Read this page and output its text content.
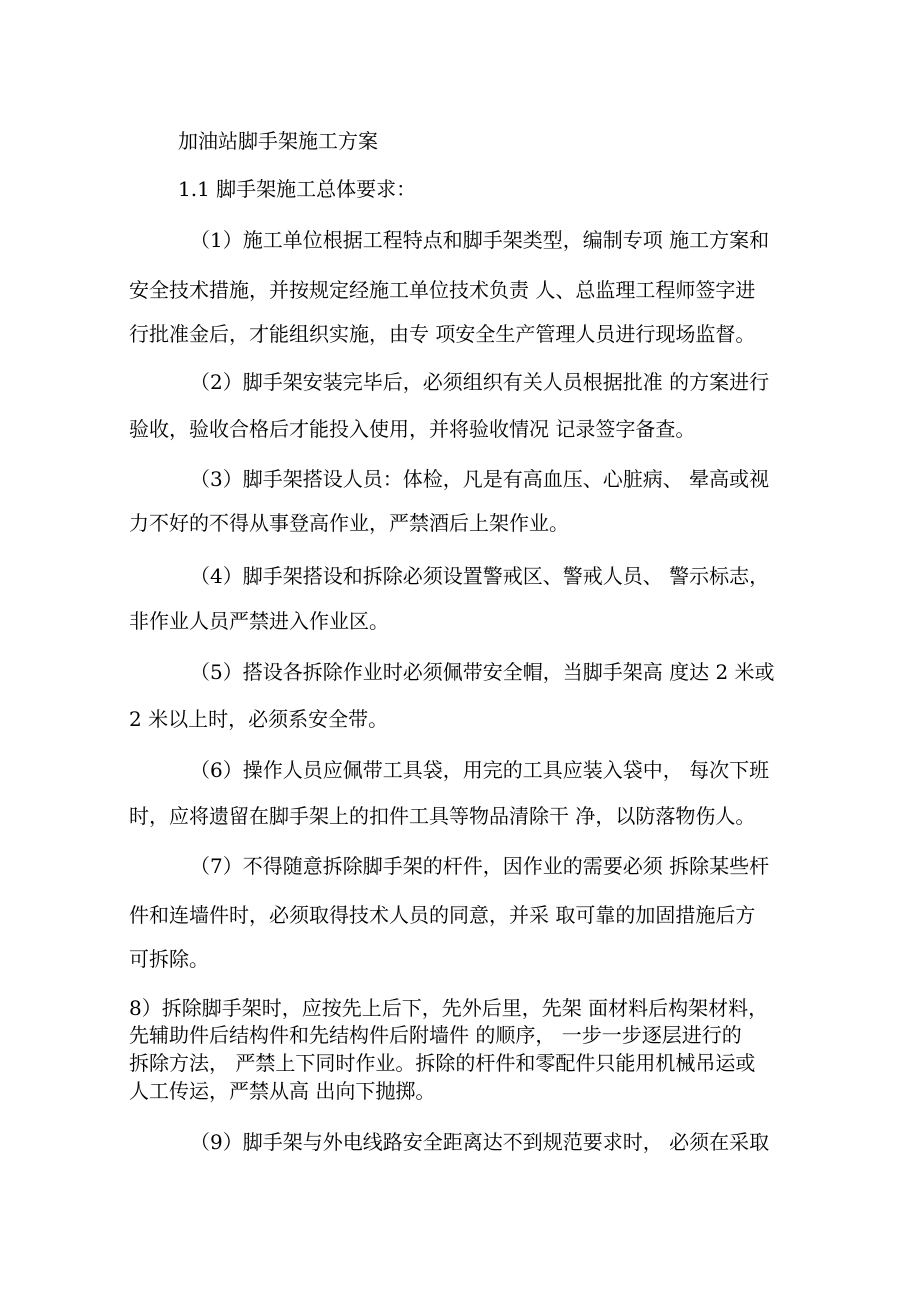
加油站脚手架施工方案
1.1 脚手架施工总体要求：
（1）施工单位根据工程特点和脚手架类型，编制专项 施工方案和
安全技术措施，并按规定经施工单位技术负责 人、总监理工程师签字进
行批准金后，才能组织实施，由专 项安全生产管理人员进行现场监督。
（2）脚手架安装完毕后，必须组织有关人员根据批准 的方案进行
验收，验收合格后才能投入使用，并将验收情况 记录签字备查。
（3）脚手架搭设人员：体检，凡是有高血压、心脏病、 晕高或视
力不好的不得从事登高作业，严禁酒后上架作业。
（4）脚手架搭设和拆除必须设置警戒区、警戒人员、 警示标志，
非作业人员严禁进入作业区。
（5）搭设各拆除作业时必须佩带安全帽，当脚手架高 度达 2 米或
2 米以上时，必须系安全带。
（6）操作人员应佩带工具袋，用完的工具应装入袋中， 每次下班
时，应将遗留在脚手架上的扣件工具等物品清除干 净，以防落物伤人。
（7）不得随意拆除脚手架的杆件，因作业的需要必须 拆除某些杆
件和连墙件时，必须取得技术人员的同意，并采 取可靠的加固措施后方
可拆除。
8）拆除脚手架时，应按先上后下，先外后里，先架 面材料后构架材料，
先辅助件后结构件和先结构件后附墙件 的顺序， 一步一步逐层进行的
拆除方法， 严禁上下同时作业。拆除的杆件和零配件只能用机械吊运或
人工传运，严禁从高 出向下抛掷。
（9）脚手架与外电线路安全距离达不到规范要求时， 必须在采取
